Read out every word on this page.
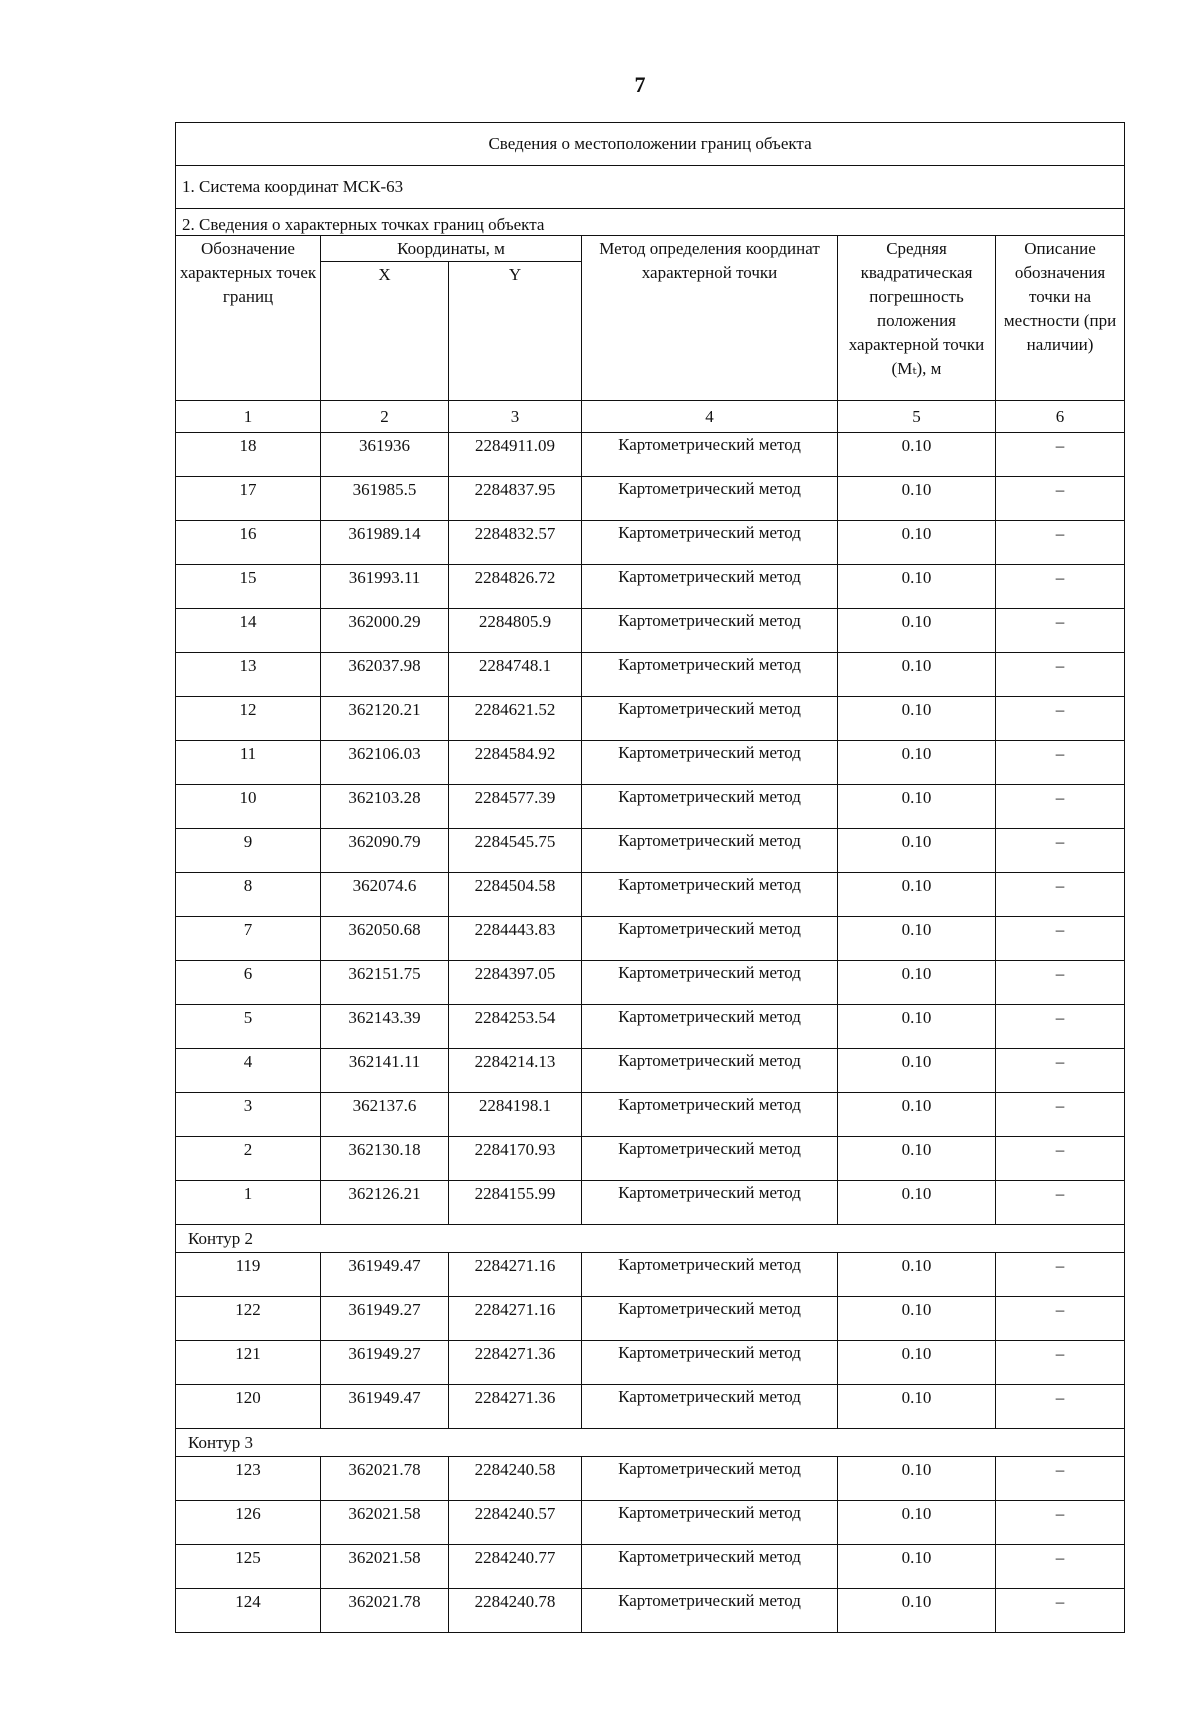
7
Сведения о местоположении границ объекта					
1. Система координат МСК-63					
2. Сведения о характерных точках границ объекта					
Обозначение характерных точек границ	Координаты, м		Метод определения координат характерной точки	Средняя квадратическая погрешность положения характерной точки (Mₜ), м	Описание обозначения точки на местности (при наличии)
	X	Y			
1	2	3	4	5	6
18	361936	2284911.09	Картометрический метод	0.10	–
17	361985.5	2284837.95	Картометрический метод	0.10	–
16	361989.14	2284832.57	Картометрический метод	0.10	–
15	361993.11	2284826.72	Картометрический метод	0.10	–
14	362000.29	2284805.9	Картометрический метод	0.10	–
13	362037.98	2284748.1	Картометрический метод	0.10	–
12	362120.21	2284621.52	Картометрический метод	0.10	–
11	362106.03	2284584.92	Картометрический метод	0.10	–
10	362103.28	2284577.39	Картометрический метод	0.10	–
9	362090.79	2284545.75	Картометрический метод	0.10	–
8	362074.6	2284504.58	Картометрический метод	0.10	–
7	362050.68	2284443.83	Картометрический метод	0.10	–
6	362151.75	2284397.05	Картометрический метод	0.10	–
5	362143.39	2284253.54	Картометрический метод	0.10	–
4	362141.11	2284214.13	Картометрический метод	0.10	–
3	362137.6	2284198.1	Картометрический метод	0.10	–
2	362130.18	2284170.93	Картометрический метод	0.10	–
1	362126.21	2284155.99	Картометрический метод	0.10	–
Контур 2					
119	361949.47	2284271.16	Картометрический метод	0.10	–
122	361949.27	2284271.16	Картометрический метод	0.10	–
121	361949.27	2284271.36	Картометрический метод	0.10	–
120	361949.47	2284271.36	Картометрический метод	0.10	–
Контур 3					
123	362021.78	2284240.58	Картометрический метод	0.10	–
126	362021.58	2284240.57	Картометрический метод	0.10	–
125	362021.58	2284240.77	Картометрический метод	0.10	–
124	362021.78	2284240.78	Картометрический метод	0.10	–
